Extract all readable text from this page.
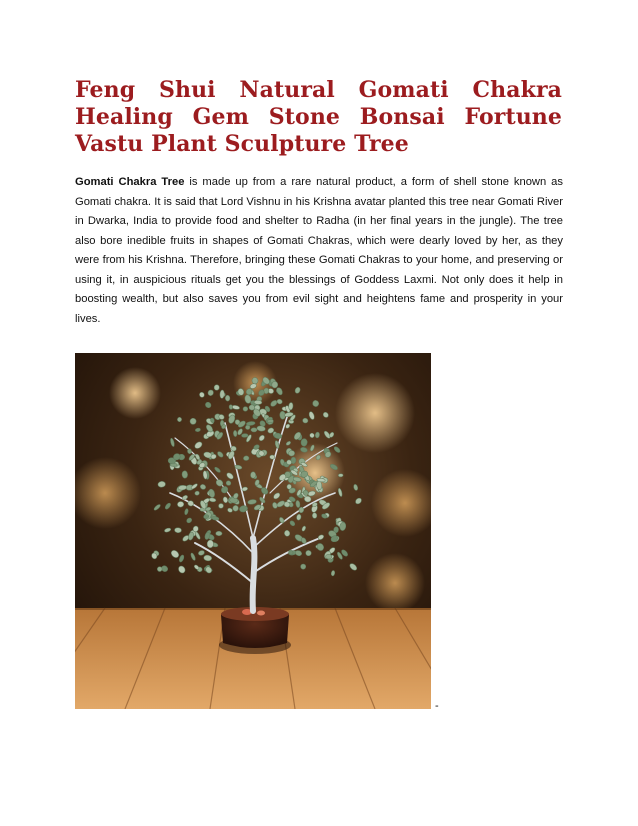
Feng Shui Natural Gomati Chakra Healing Gem Stone Bonsai Fortune Vastu Plant Sculpture Tree

Gomati Chakra Tree is made up from a rare natural product, a form of shell stone known as Gomati chakra. It is said that Lord Vishnu in his Krishna avatar planted this tree near Gomati River in Dwarka, India to provide food and shelter to Radha (in her final years in the jungle). The tree also bore inedible fruits in shapes of Gomati Chakras, which were dearly loved by her, as they were from his Krishna. Therefore, bringing these Gomati Chakras to your home, and preserving or using it, in auspicious rituals get you the blessings of Goddess Laxmi. Not only does it help in boosting wealth, but also saves you from evil sight and heightens fame and prosperity in your lives.

-
